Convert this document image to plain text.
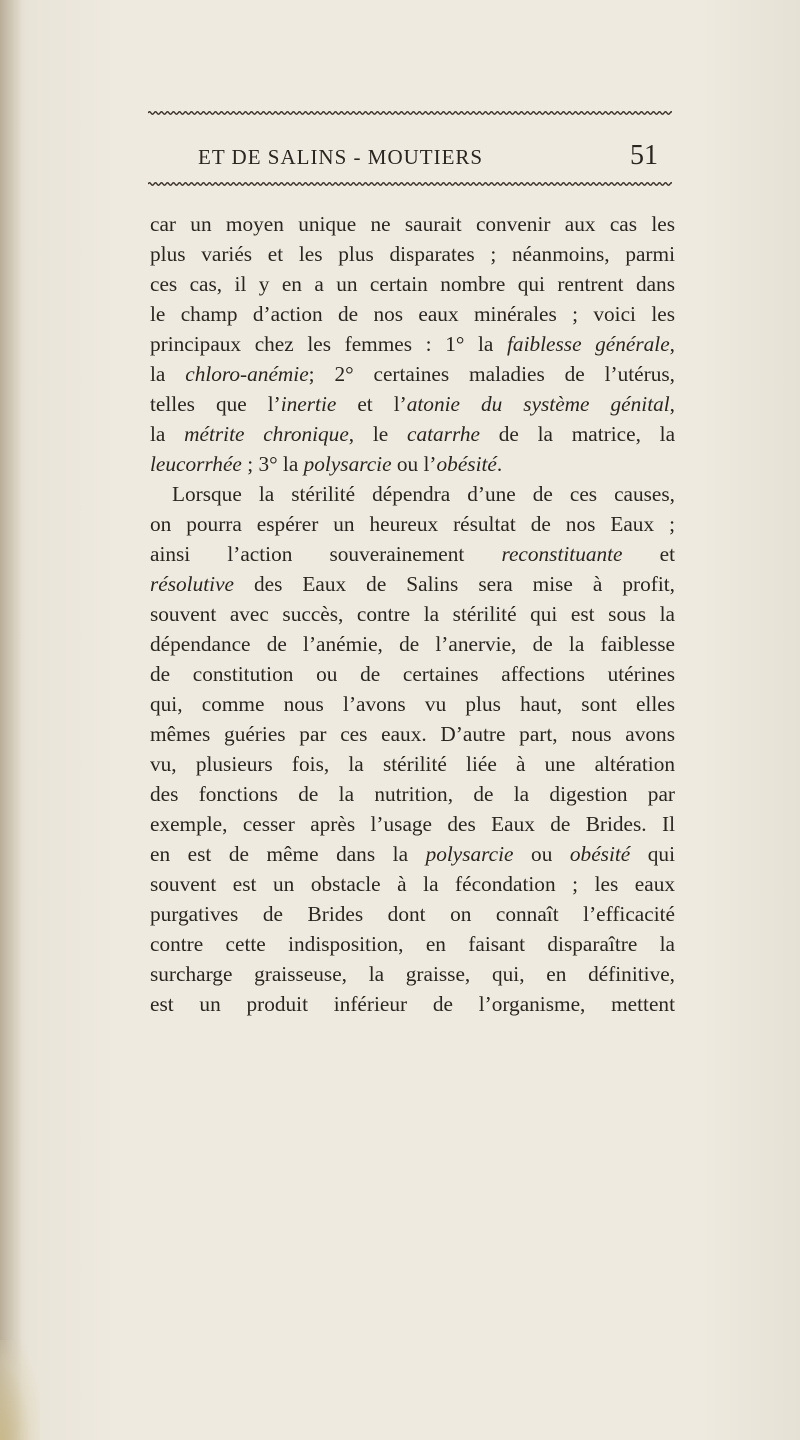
ET DE SALINS - MOUTIERS	51
car un moyen unique ne saurait convenir aux cas les
plus variés et les plus disparates ; néanmoins, parmi
ces cas, il y en a un certain nombre qui rentrent dans
le champ d’action de nos eaux minérales ; voici les
principaux chez les femmes : 1° la faiblesse générale,
la chloro-anémie; 2° certaines maladies de l’utérus,
telles que l’inertie et l’atonie du système génital,
la métrite chronique, le catarrhe de la matrice, la
leucorrhée ; 3° la polysarcie ou l’obésité.
Lorsque la stérilité dépendra d’une de ces causes,
on pourra espérer un heureux résultat de nos Eaux ;
ainsi l’action souverainement reconstituante et
résolutive des Eaux de Salins sera mise à profit,
souvent avec succès, contre la stérilité qui est sous la
dépendance de l’anémie, de l’anervie, de la faiblesse
de constitution ou de certaines affections utérines
qui, comme nous l’avons vu plus haut, sont elles
mêmes guéries par ces eaux. D’autre part, nous avons
vu, plusieurs fois, la stérilité liée à une altération
des fonctions de la nutrition, de la digestion par
exemple, cesser après l’usage des Eaux de Brides. Il
en est de même dans la polysarcie ou obésité qui
souvent est un obstacle à la fécondation ; les eaux
purgatives de Brides dont on connaît l’efficacité
contre cette indisposition, en faisant disparaître la
surcharge graisseuse, la graisse, qui, en définitive,
est un produit inférieur de l’organisme, mettent
